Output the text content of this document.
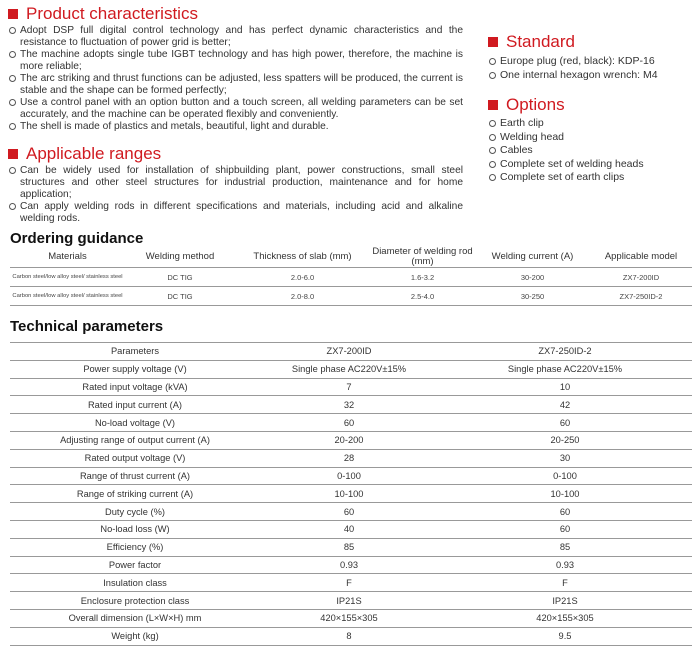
Product characteristics
Adopt DSP full digital control technology and has perfect dynamic characteristics and the resistance to fluctuation of power grid is better;
The machine adopts single tube IGBT technology and has high power, therefore, the machine is more reliable;
The arc striking and thrust functions can be adjusted, less spatters will be produced, the current is stable and the shape can be formed perfectly;
Use a control panel with an option button and a touch screen, all welding parameters can be set accurately, and the machine can be operated flexibly and conveniently.
The shell is made of plastics and metals, beautiful, light and durable.
Applicable ranges
Can be widely used for installation of shipbuilding plant, power constructions, small steel structures and other steel structures for industrial production, maintenance and for home application;
Can apply welding rods in different specifications and materials, including acid and alkaline welding rods.
Standard
Europe plug (red, black): KDP-16
One internal hexagon wrench: M4
Options
Earth clip
Welding head
Cables
Complete set of welding heads
Complete set of earth clips
Ordering guidance
Materials	Welding method	Thickness of slab (mm)	Diameter of welding rod (mm)	Welding current (A)	Applicable model
Carbon steel/low alloy steel/ stainless steel	DC TIG	2.0-6.0	1.6-3.2	30-200	ZX7-200ID
Carbon steel/low alloy steel/ stainless steel	DC TIG	2.0-8.0	2.5-4.0	30-250	ZX7-250ID-2
Technical parameters
Parameters	ZX7-200ID	ZX7-250ID-2
Power supply voltage (V)	Single phase AC220V±15%	Single phase AC220V±15%
Rated input voltage (kVA)	7	10
Rated input current (A)	32	42
No-load voltage (V)	60	60
Adjusting range of output current (A)	20-200	20-250
Rated output voltage (V)	28	30
Range of thrust current (A)	0-100	0-100
Range of striking current (A)	10-100	10-100
Duty cycle (%)	60	60
No-load loss (W)	40	60
Efficiency (%)	85	85
Power factor	0.93	0.93
Insulation class	F	F
Enclosure protection class	IP21S	IP21S
Overall dimension (L×W×H) mm	420×155×305	420×155×305
Weight (kg)	8	9.5
